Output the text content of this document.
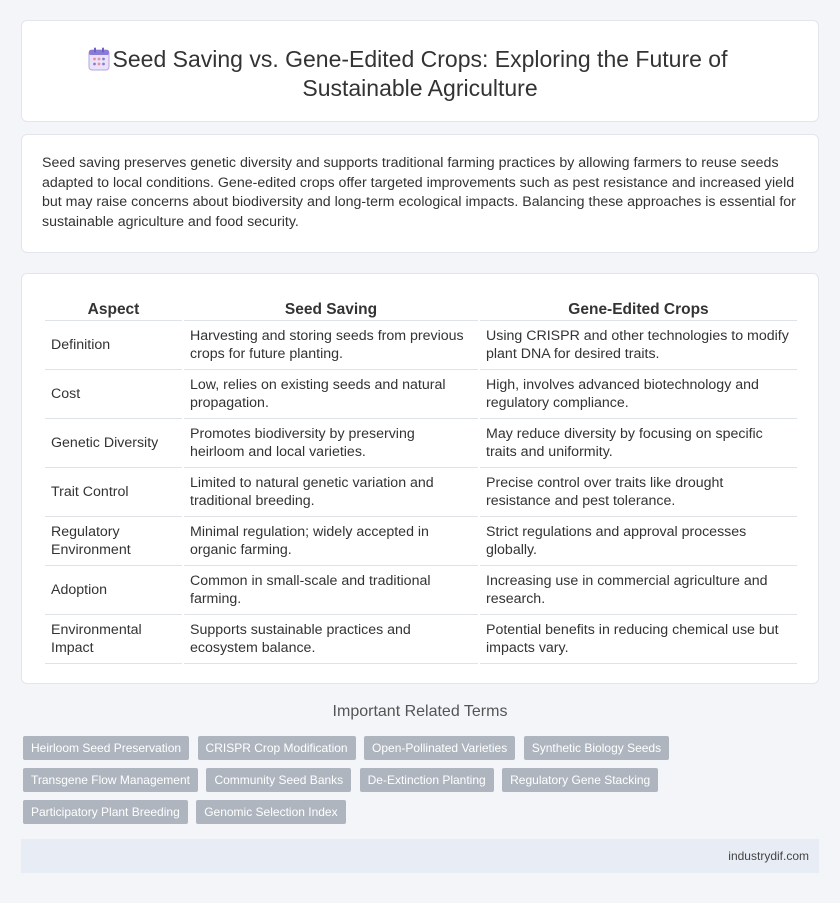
Seed Saving vs. Gene-Edited Crops: Exploring the Future of Sustainable Agriculture

Seed saving preserves genetic diversity and supports traditional farming practices by allowing farmers to reuse seeds adapted to local conditions. Gene-edited crops offer targeted improvements such as pest resistance and increased yield but may raise concerns about biodiversity and long-term ecological impacts. Balancing these approaches is essential for sustainable agriculture and food security.

Aspect	Seed Saving	Gene-Edited Crops
Definition	Harvesting and storing seeds from previous crops for future planting.	Using CRISPR and other technologies to modify plant DNA for desired traits.
Cost	Low, relies on existing seeds and natural propagation.	High, involves advanced biotechnology and regulatory compliance.
Genetic Diversity	Promotes biodiversity by preserving heirloom and local varieties.	May reduce diversity by focusing on specific traits and uniformity.
Trait Control	Limited to natural genetic variation and traditional breeding.	Precise control over traits like drought resistance and pest tolerance.
Regulatory Environment	Minimal regulation; widely accepted in organic farming.	Strict regulations and approval processes globally.
Adoption	Common in small-scale and traditional farming.	Increasing use in commercial agriculture and research.
Environmental Impact	Supports sustainable practices and ecosystem balance.	Potential benefits in reducing chemical use but impacts vary.
Important Related Terms
Heirloom Seed Preservation CRISPR Crop Modification Open-Pollinated Varieties Synthetic Biology Seeds Transgene Flow Management Community Seed Banks De-Extinction Planting Regulatory Gene Stacking Participatory Plant Breeding Genomic Selection Index
industrydif.com
